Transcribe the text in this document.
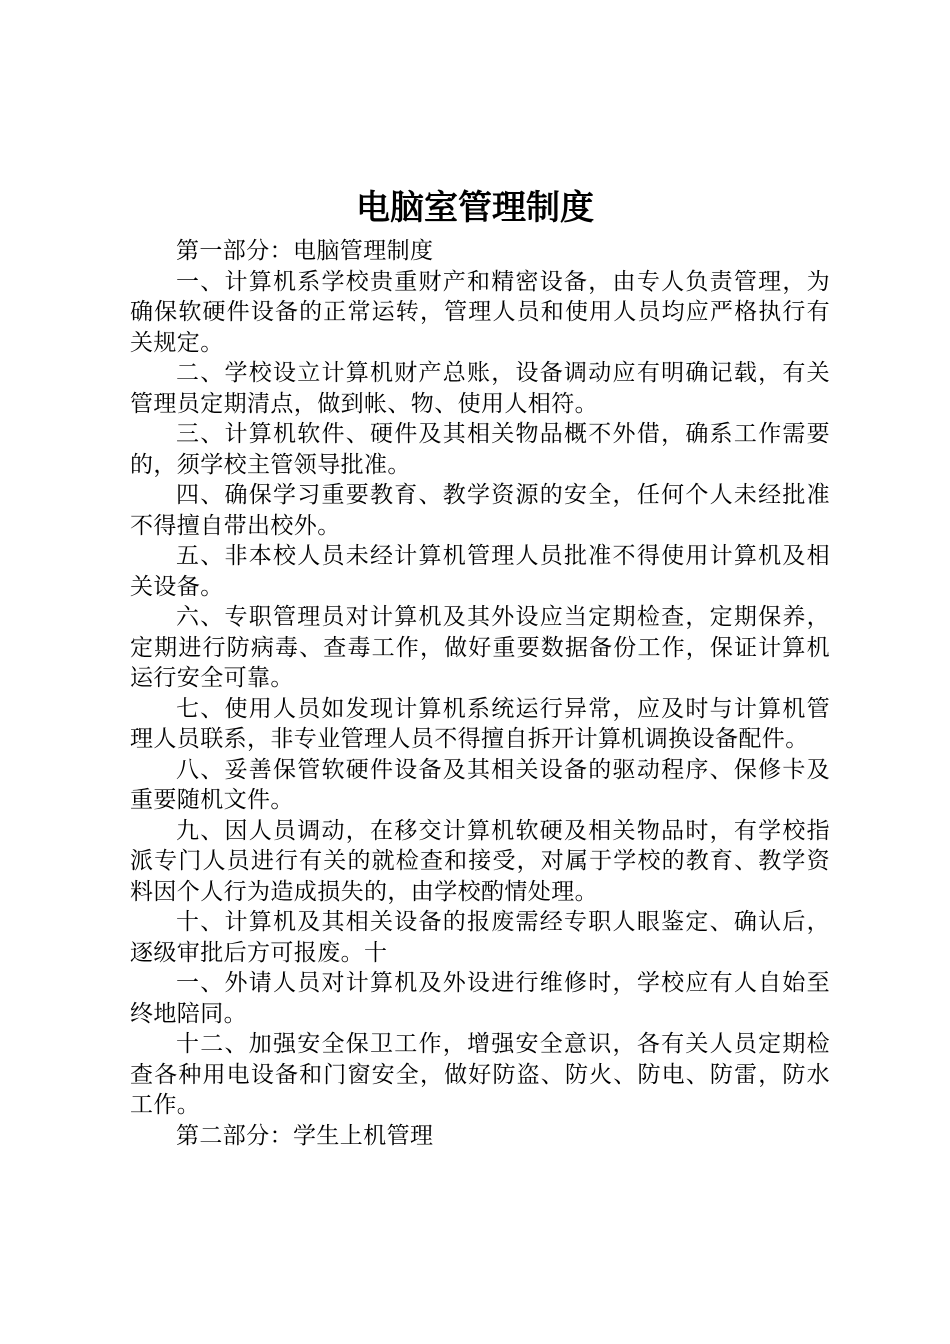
电脑室管理制度

第一部分：电脑管理制度

一、计算机系学校贵重财产和精密设备，由专人负责管理，为确保软硬件设备的正常运转，管理人员和使用人员均应严格执行有关规定。

二、学校设立计算机财产总账，设备调动应有明确记载，有关管理员定期清点，做到帐、物、使用人相符。

三、计算机软件、硬件及其相关物品概不外借，确系工作需要的，须学校主管领导批准。

四、确保学习重要教育、教学资源的安全，任何个人未经批准不得擅自带出校外。

五、非本校人员未经计算机管理人员批准不得使用计算机及相关设备。

六、专职管理员对计算机及其外设应当定期检查，定期保养，定期进行防病毒、查毒工作，做好重要数据备份工作，保证计算机运行安全可靠。

七、使用人员如发现计算机系统运行异常，应及时与计算机管理人员联系，非专业管理人员不得擅自拆开计算机调换设备配件。

八、妥善保管软硬件设备及其相关设备的驱动程序、保修卡及重要随机文件。

九、因人员调动，在移交计算机软硬及相关物品时，有学校指派专门人员进行有关的就检查和接受，对属于学校的教育、教学资料因个人行为造成损失的，由学校酌情处理。

十、计算机及其相关设备的报废需经专职人眼鉴定、确认后，逐级审批后方可报废。十

一、外请人员对计算机及外设进行维修时，学校应有人自始至终地陪同。

十二、加强安全保卫工作，增强安全意识，各有关人员定期检查各种用电设备和门窗安全，做好防盗、防火、防电、防雷，防水工作。

第二部分：学生上机管理
